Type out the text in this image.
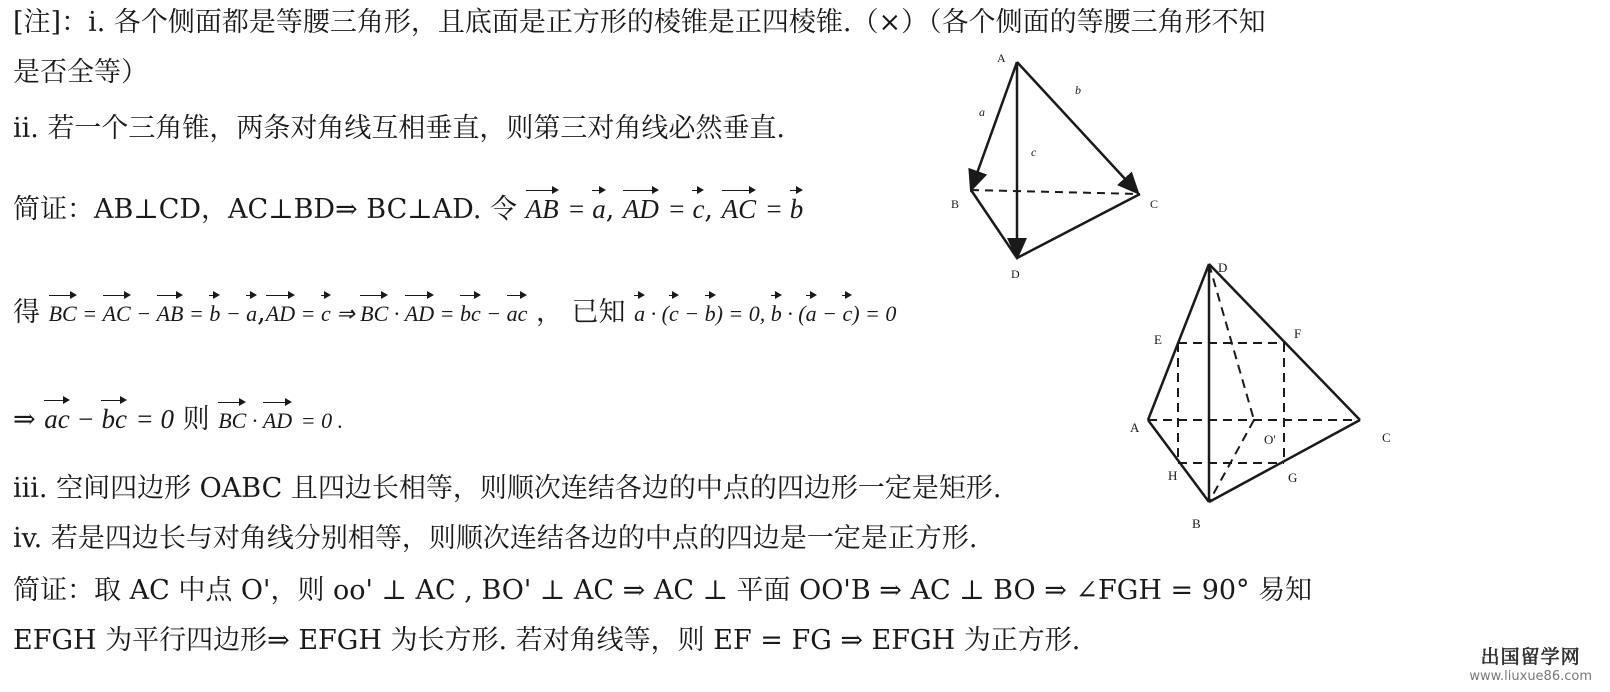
[注]：i. 各个侧面都是等腰三角形，且底面是正方形的棱锥是正四棱锥.（×）（各个侧面的等腰三角形不知
是否全等）
ii. 若一个三角锥，两条对角线互相垂直，则第三对角线必然垂直.
简证：AB⊥CD，AC⊥BD⇒ BC⊥AD. 令 AB = a, AD = c, AC = b
得 BC = AC − AB = b − a,AD = c ⇒ BC · AD = bc − ac ， 已知 a · (c − b) = 0, b · (a − c) = 0
⇒ ac − bc = 0 则 BC · AD = 0 .
iii. 空间四边形 OABC 且四边长相等，则顺次连结各边的中点的四边形一定是矩形.
iv. 若是四边长与对角线分别相等，则顺次连结各边的中点的四边是一定是正方形.
简证：取 AC 中点 O'，则 oo' ⊥ AC , BO' ⊥ AC ⇒ AC ⊥ 平面 OO'B ⇒ AC ⊥ BO ⇒ ∠FGH = 90° 易知
EFGH 为平行四边形⇒ EFGH 为长方形. 若对角线等，则 EF = FG ⇒ EFGH 为正方形.
A
B	C
D
a
b
c
D
E	F
A
C
O'
H	G
B
出国留学网
www.liuxue86.com
